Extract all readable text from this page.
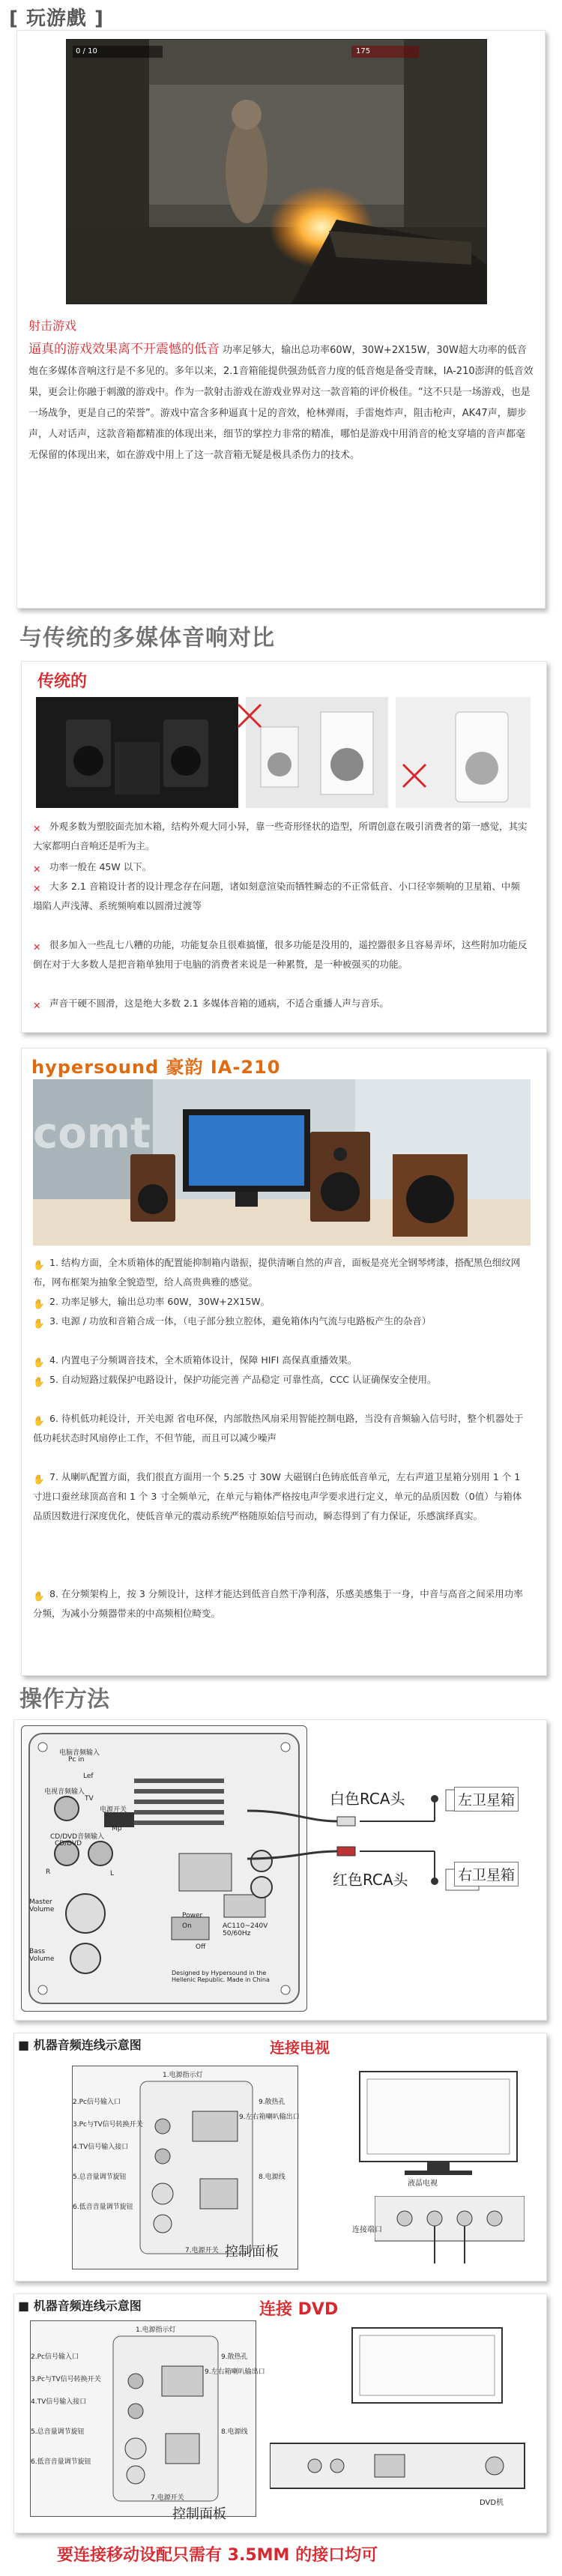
[ 玩游戲 ]
0 / 10	175
射击游戏
逼真的游戏效果离不开震憾的低音 功率足够大，输出总功率60W，30W+2X15W，30W超大功率的低音炮在多媒体音响这行是不多见的。多年以来，2.1音箱能提供强劲低音力度的低音炮是备受青睐，IA-210澎湃的低音效果，更会让你融于刺激的游戏中。作为一款射击游戏在游戏业界对这一款音箱的评价极佳。“这不只是一场游戏，也是一场战争，更是自己的荣誉”。游戏中富含多种逼真十足的音效，枪林弹雨，手雷炮炸声，阻击枪声，AK47声，脚步声，人对话声，这款音箱都精准的体现出来，细节的掌控力非常的精准，哪怕是游戏中用消音的枪支穿墙的音声都毫无保留的体现出来，如在游戏中用上了这一款音箱无疑是极具杀伤力的技术。
与传统的多媒体音响对比
传统的
✕ 外观多数为塑胶面壳加木箱，结构外观大同小异，靠一些奇形怪状的造型，所谓创意在吸引消费者的第一感觉，其实大家都明白音响还是听为主。
✕ 功率一般在 45W 以下。
✕ 大多 2.1 音箱设计者的设计理念存在问题，诸如刻意渲染而牺牲瞬态的不正常低音、小口径宰频响的卫星箱、中频塌陷人声浅薄、系统频响难以圆滑过渡等
✕ 很多加入一些乱七八糟的功能，功能复杂且很难搞懂，很多功能是没用的，遥控器很多且容易弄坏，这些附加功能反倒在对于大多数人是把音箱单独用于电脑的消费者来说是一种累赘，是一种被强买的功能。
✕ 声音干硬不圆滑，这是绝大多数 2.1 多媒体音箱的通病，不适合重播人声与音乐。
hypersound 豪韵 IA-210
comt
✋ 1. 结构方面，全木质箱体的配置能抑制箱内谐振，提供清晰自然的声音，面板是亮光全钢琴烤漆，搭配黑色细纹网布，网布框架为抽象全貌造型，给人高贵典雅的感觉。
✋ 2. 功率足够大，输出总功率 60W，30W+2X15W。
✋ 3. 电源 / 功放和音箱合成一体，（电子部分独立腔体，避免箱体内气流与电路板产生的杂音）
✋ 4. 内置电子分频调音技术，全木质箱体设计，保障 HIFI 高保真重播效果。
✋ 5. 自动短路过载保护电路设计，保护功能完善 产品稳定 可靠性高，CCC 认证确保安全使用。
✋ 6. 待机低功耗设计，开关电源 省电环保，内部散热风扇采用智能控制电路，当没有音频输入信号时，整个机器处于低功耗状态时风扇停止工作，不但节能，而且可以减少噪声
✋ 7. 从喇叭配置方面，我们很直方面用一个 5.25 寸 30W 大磁钢白色铸底低音单元，左右声道卫星箱分别用 1 个 1 寸进口蚕丝球顶高音和 1 个 3 寸全频单元，在单元与箱体严格按电声学要求进行定义，单元的品质因数（0值）与箱体品质因数进行深度优化，使低音单元的震动系统严格随原始信号而动，瞬态得到了有力保证，乐感演绎真实。
✋ 8. 在分频架构上，按 3 分频设计，这样才能达到低音自然干净利落，乐感美感集于一身，中音与高音之间采用功率分频，为减小分频器带来的中高频相位畸变。
操作方法
电脑音频输入
Pc in
Lef
电视音频输入
TV
电源开关
Mp
CD/DVD音频输入
CD/DVD
R	L
Master Volume
Bass Volume
Power
On
Off
AC110~240V 50/60Hz
Designed by Hypersound in the Hellenic Republic. Made in China
白色RCA头
红色RCA头
左卫星箱
右卫星箱
■ 机器音频连线示意图	连接电视
1.电源指示灯
2.Pc信号输入口
3.Pc与TV信号转换开关
4.TV信号输入接口
5.总音量调节旋钮
6.低音音量调节旋钮
7.电源开关
8.电源线
9.散热孔
9.左右箱喇叭输出口
控制面板
液晶电视
连接端口
■ 机器音频连线示意图	连接 DVD
1.电源指示灯
2.Pc信号输入口
3.Pc与TV信号转换开关
4.TV信号输入接口
5.总音量调节旋钮
6.低音音量调节旋钮
7.电源开关
8.电源线
9.散热孔
9.左右箱喇叭输出口
控制面板
DVD机
要连接移动设配只需有 3.5MM 的接口均可
